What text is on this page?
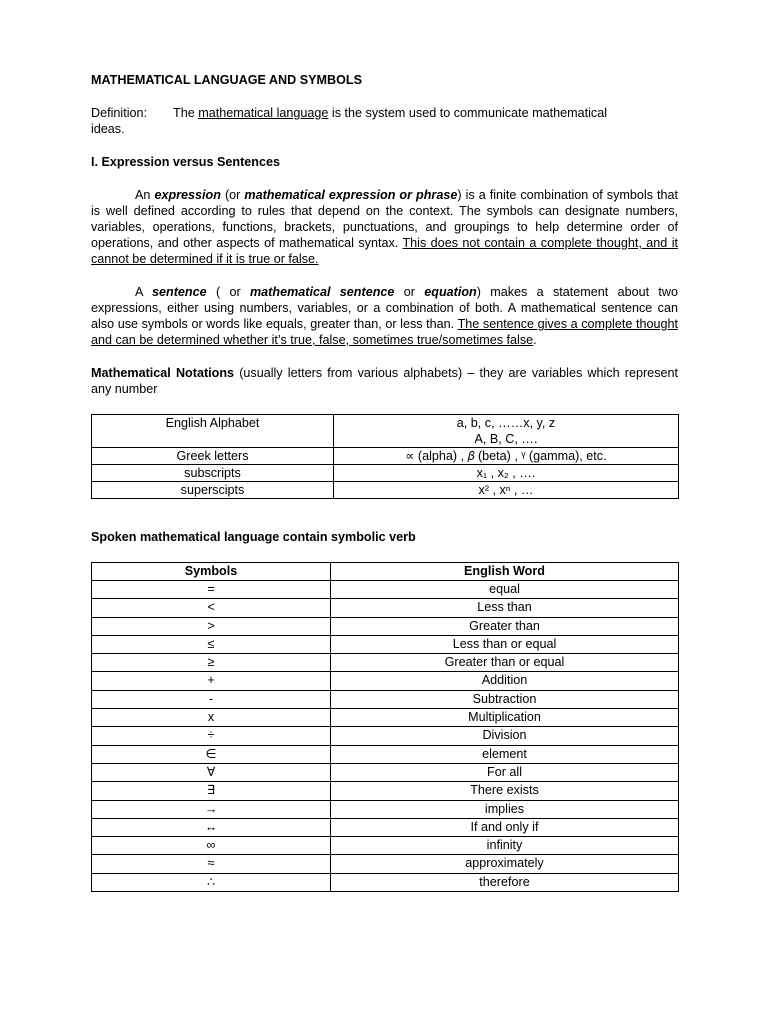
MATHEMATICAL LANGUAGE AND SYMBOLS

Definition:	The mathematical language is the system used to communicate mathematical

ideas.

I. Expression versus Sentences

An expression (or mathematical expression or phrase) is a finite combination of symbols that is well defined according to rules that depend on the context. The symbols can designate numbers, variables, operations, functions, brackets, punctuations, and groupings to help determine order of operations, and other aspects of mathematical syntax. This does not contain a complete thought, and it cannot be determined if it is true or false.

A sentence ( or mathematical sentence or equation) makes a statement about two expressions, either using numbers, variables, or a combination of both. A mathematical sentence can also use symbols or words like equals, greater than, or less than. The sentence gives a complete thought and can be determined whether it’s true, false, sometimes true/sometimes false.

Mathematical Notations (usually letters from various alphabets) – they are variables which represent any number

English Alphabet	a, b, c, ……x, y, z
A, B, C, ….

Greek letters	∝ (alpha) , 𝛽 (beta) , ᵞ (gamma), etc.
subscripts	x₁ , x₂ , ….
superscipts	x² , xⁿ , …

Spoken mathematical language contain symbolic verb

Symbols	English Word
=	equal
<	Less than
>	Greater than
≤	Less than or equal
≥	Greater than or equal
+	Addition
-	Subtraction
x	Multiplication
÷	Division
∈	element
∀	For all
∃	There exists
→	implies
↔	If and only if
∞	infinity
≈	approximately
∴	therefore
